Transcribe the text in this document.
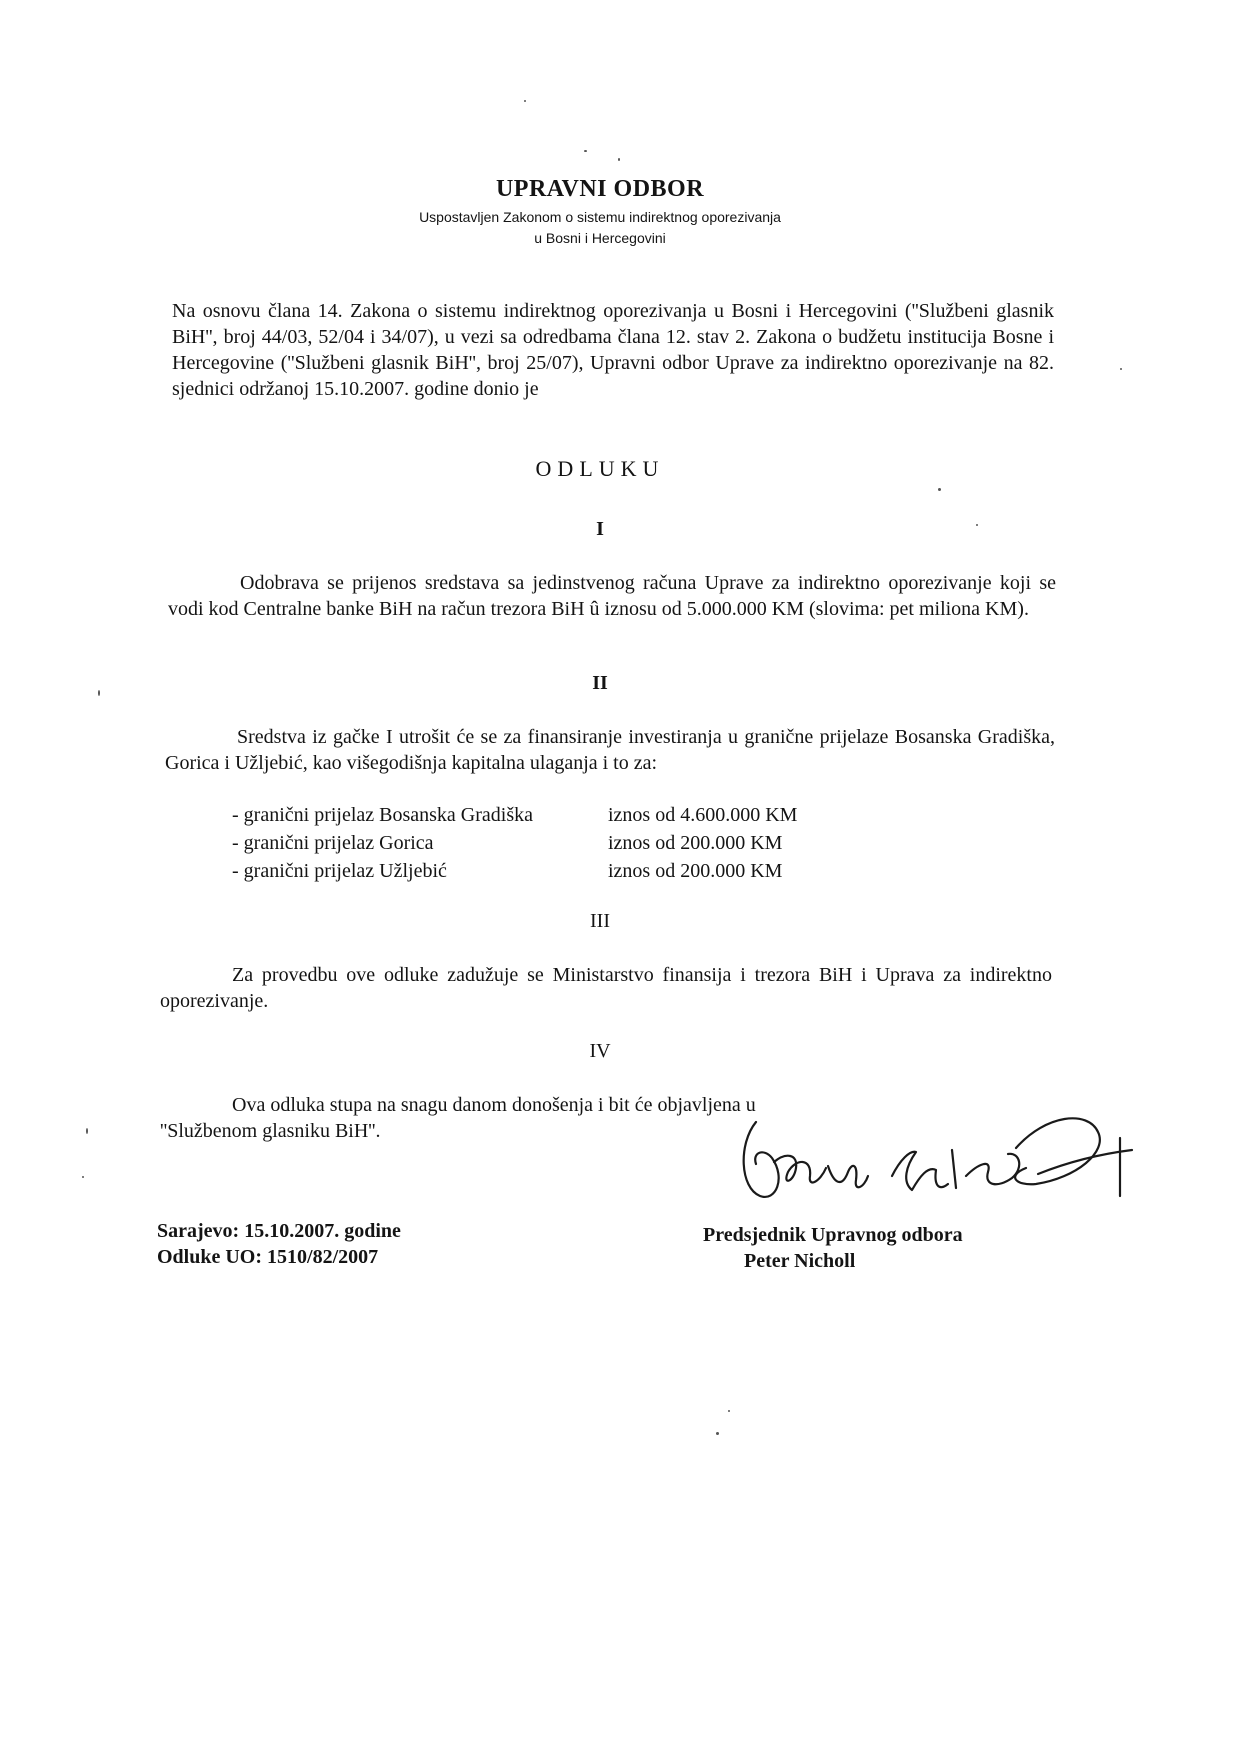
UPRAVNI ODBOR
Uspostavljen Zakonom o sistemu indirektnog oporezivanja
u Bosni i Hercegovini

Na osnovu člana 14. Zakona o sistemu indirektnog oporezivanja u Bosni i Hercegovini (''Službeni glasnik BiH'', broj 44/03, 52/04 i 34/07), u vezi sa odredbama člana 12. stav 2. Zakona o budžetu institucija Bosne i Hercegovine (''Službeni glasnik BiH'', broj 25/07), Upravni odbor Uprave za indirektno oporezivanje na 82. sjednici održanoj 15.10.2007. godine donio je

ODLUKU
I

Odobrava se prijenos sredstava sa jedinstvenog računa Uprave za indirektno oporezivanje koji se vodi kod Centralne banke BiH na račun trezora BiH û iznosu od 5.000.000 KM (slovima: pet miliona KM).

II

Sredstva iz gačke I utrošit će se za finansiranje investiranja u granične prijelaze Bosanska Gradiška, Gorica i Užljebić, kao višegodišnja kapitalna ulaganja i to za:

- granični prijelaz Bosanska Gradiška	iznos od 4.600.000 KM
- granični prijelaz Gorica	iznos od 200.000 KM
- granični prijelaz Užljebić	iznos od 200.000 KM
III

Za provedbu ove odluke zadužuje se Ministarstvo finansija i trezora BiH i Uprava za indirektno oporezivanje.

IV

Ova odluka stupa na snagu danom donošenja i bit će objavljena u ''Službenom glasniku BiH''.

Sarajevo: 15.10.2007. godine
Odluke UO: 1510/82/2007
Predsjednik Upravnog odbora
Peter Nicholl
